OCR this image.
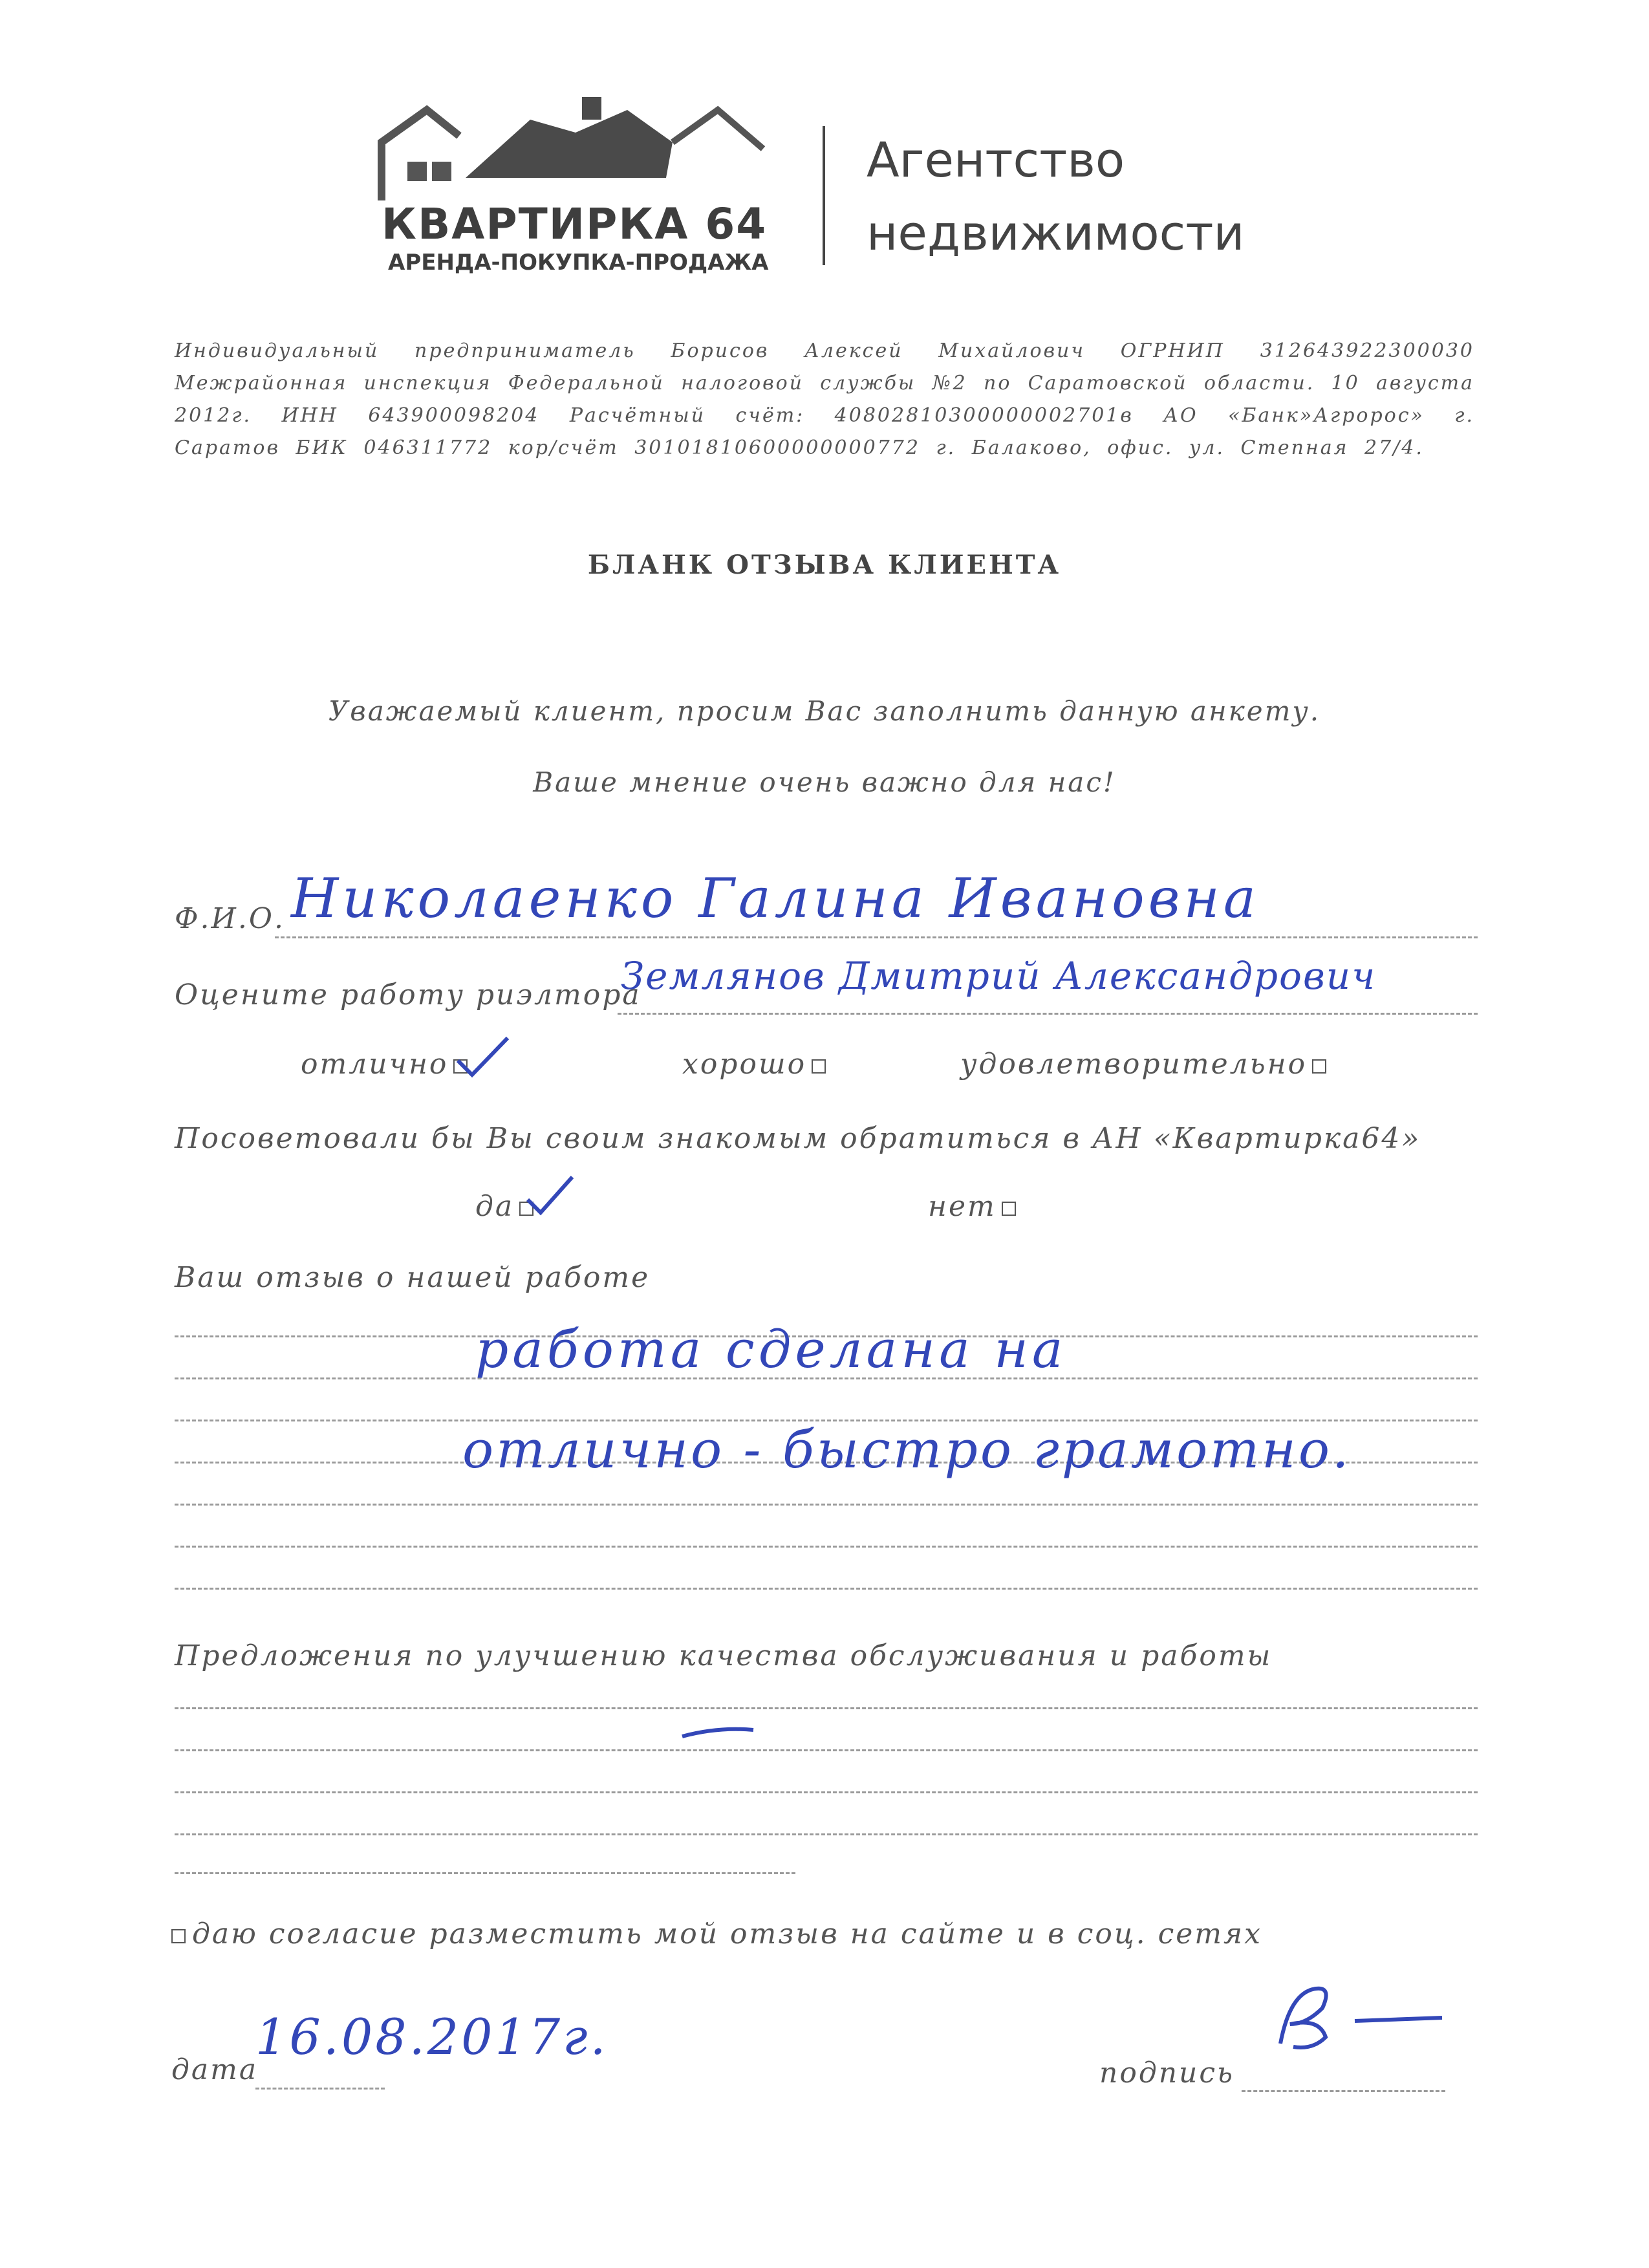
КВАРТИРКА 64
АРЕНДА-ПОКУПКА-ПРОДАЖА
Агентство
недвижимости
Индивидуальный предприниматель Борисов Алексей Михайлович ОГРНИП 312643922300030 Межрайонная инспекция Федеральной налоговой службы №2 по Саратовской области. 10 августа 2012г. ИНН 643900098204 Расчётный счёт: 40802810300000002701в АО «Банк»Агророс» г. Саратов БИК 046311772 кор/счёт 30101810600000000772 г. Балаково, офис. ул. Степная 27/4.
БЛАНК ОТЗЫВА КЛИЕНТА
Уважаемый клиент, просим Вас заполнить данную анкету.
Ваше мнение очень важно для нас!
Ф.И.О. Николаенко Галина Ивановна
Оцените работу риэлтора
Землянов Дмитрий Александрович
отлично	хорошо	удовлетворительно
Посоветовали бы Вы своим знакомым обратиться в АН «Квартирка64»
да	нет
Ваш отзыв о нашей работе
работа сделана на
отлично - быстро грамотно.
Предложения по улучшению качества обслуживания и работы
даю согласие разместить мой отзыв на сайте и в соц. сетях
дата
16.08.2017г.
подпись
